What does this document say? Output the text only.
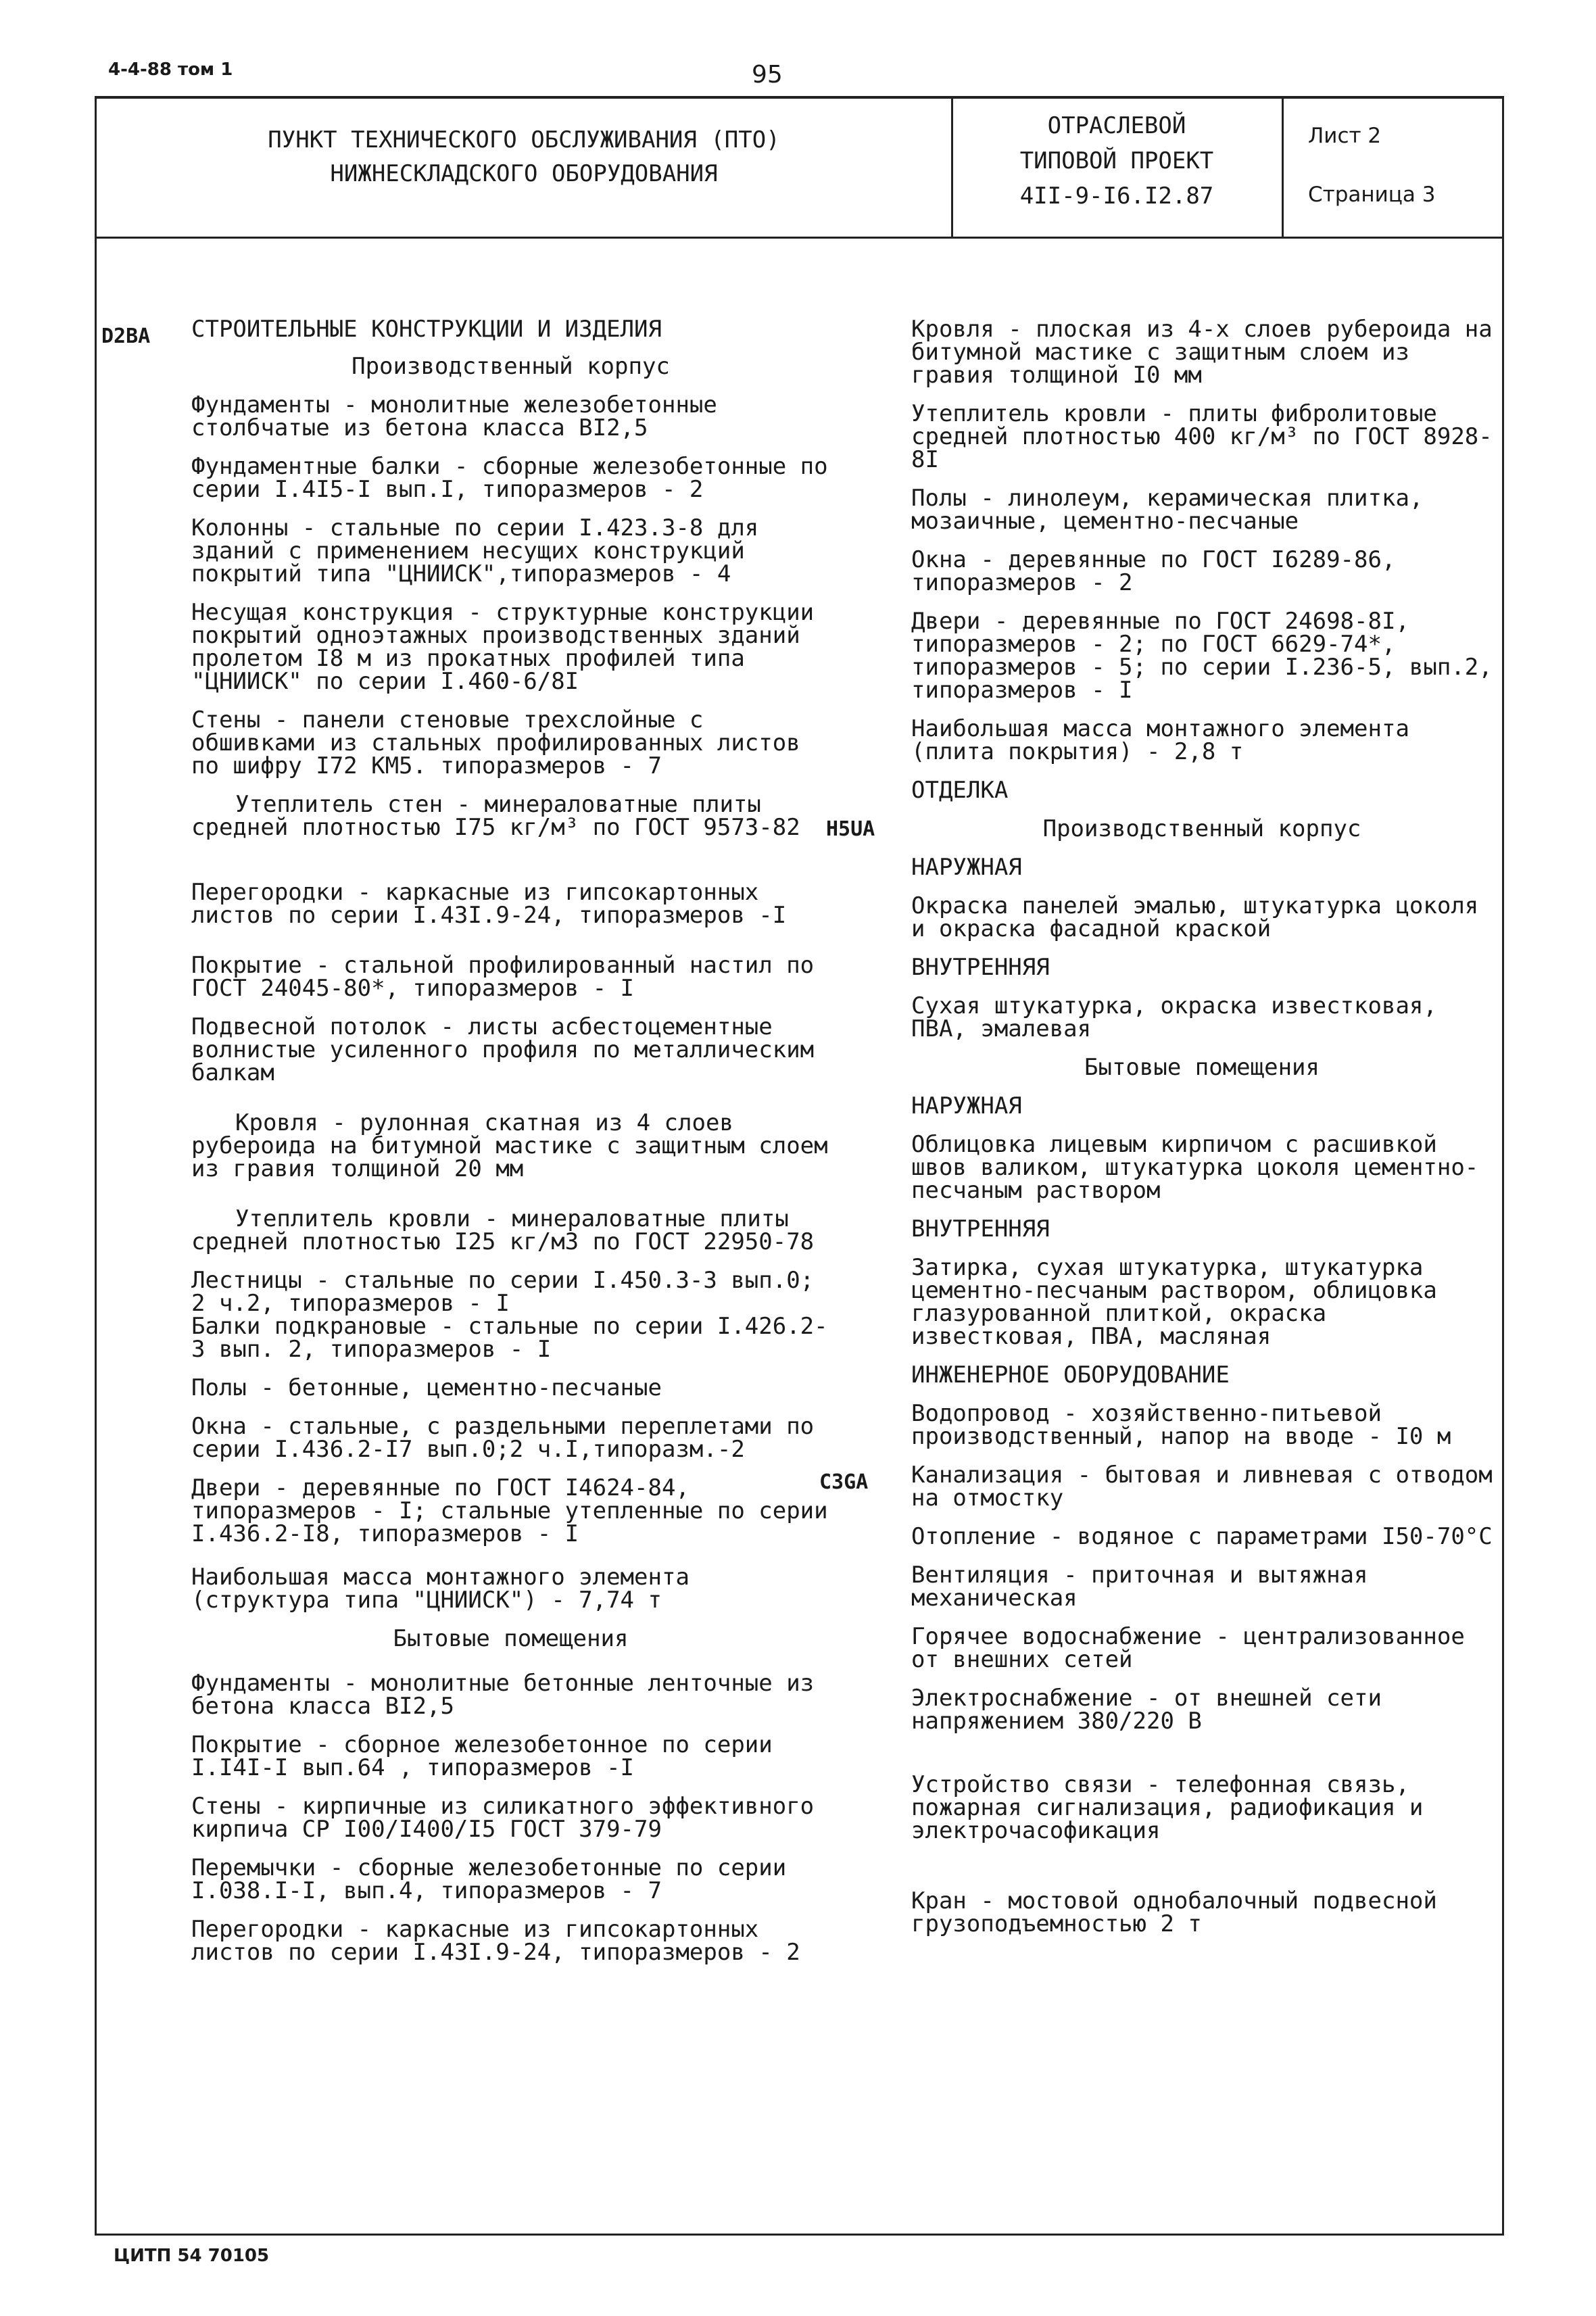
4-4-88 том 1	95
ПУНКТ ТЕХНИЧЕСКОГО ОБСЛУЖИВАНИЯ (ПТО)
НИЖНЕСКЛАДСКОГО ОБОРУДОВАНИЯ
ОТРАСЛЕВОЙ
ТИПОВОЙ ПРОЕКТ
4II-9-I6.I2.87
Лист 2
Страница 3
D2BA
H5UA
C3GA
СТРОИТЕЛЬНЫЕ КОНСТРУКЦИИ И ИЗДЕЛИЯ
Производственный корпус
Фундаменты - монолитные железобетонные столбчатые из бетона класса BI2,5
Фундаментные балки - сборные железобетонные по серии I.4I5-I вып.I, типоразмеров - 2
Колонны - стальные по серии I.423.3-8 для зданий с применением несущих конструкций покрытий типа "ЦНИИСК",типоразмеров - 4
Несущая конструкция - структурные конструкции покрытий одноэтажных производственных зданий пролетом I8 м из прокатных профилей типа "ЦНИИСК" по серии I.460-6/8I
Стены - панели стеновые трехслойные с обшивками из стальных профилированных листов по шифру I72 КМ5. типоразмеров - 7
Утеплитель стен - минераловатные плиты средней плотностью I75 кг/м³ по ГОСТ 9573-82
Перегородки - каркасные из гипсокартонных листов по серии I.43I.9-24, типоразмеров -I
Покрытие - стальной профилированный настил по ГОСТ 24045-80*, типоразмеров - I
Подвесной потолок - листы асбестоцементные волнистые усиленного профиля по металлическим балкам
Кровля - рулонная скатная из 4 слоев рубероида на битумной мастике с защитным слоем из гравия толщиной 20 мм
Утеплитель кровли - минераловатные плиты средней плотностью I25 кг/м3 по ГОСТ 22950-78
Лестницы - стальные по серии I.450.3-3 вып.0; 2 ч.2, типоразмеров - I
Балки подкрановые - стальные по серии I.426.2-3 вып. 2, типоразмеров - I
Полы - бетонные, цементно-песчаные
Окна - стальные, с раздельными переплетами по серии I.436.2-I7 вып.0;2 ч.I,типоразм.-2
Двери - деревянные по ГОСТ I4624-84, типоразмеров - I; стальные утепленные по серии I.436.2-I8, типоразмеров - I
Наибольшая масса монтажного элемента (структура типа "ЦНИИСК") - 7,74 т
Бытовые помещения
Фундаменты - монолитные бетонные ленточные из бетона класса BI2,5
Покрытие - сборное железобетонное по серии I.I4I-I вып.64 , типоразмеров -I
Стены - кирпичные из силикатного эффективного кирпича СР I00/I400/I5 ГОСТ 379-79
Перемычки - сборные железобетонные по серии I.038.I-I, вып.4, типоразмеров - 7
Перегородки - каркасные из гипсокартонных листов по серии I.43I.9-24, типоразмеров - 2
Кровля - плоская из 4-х слоев рубероида на битумной мастике с защитным слоем из гравия толщиной I0 мм
Утеплитель кровли - плиты фибролитовые средней плотностью 400 кг/м³ по ГОСТ 8928-8I
Полы - линолеум, керамическая плитка, мозаичные, цементно-песчаные
Окна - деревянные по ГОСТ I6289-86, типоразмеров - 2
Двери - деревянные по ГОСТ 24698-8I, типоразмеров - 2; по ГОСТ 6629-74*, типоразмеров - 5; по серии I.236-5, вып.2, типоразмеров - I
Наибольшая масса монтажного элемента (плита покрытия) - 2,8 т
ОТДЕЛКА
Производственный корпус
НАРУЖНАЯ
Окраска панелей эмалью, штукатурка цоколя и окраска фасадной краской
ВНУТРЕННЯЯ
Сухая штукатурка, окраска известковая, ПВА, эмалевая
Бытовые помещения
НАРУЖНАЯ
Облицовка лицевым кирпичом с расшивкой швов валиком, штукатурка цоколя цементно-песчаным раствором
ВНУТРЕННЯЯ
Затирка, сухая штукатурка, штукатурка цементно-песчаным раствором, облицовка глазурованной плиткой, окраска известковая, ПВА, масляная
ИНЖЕНЕРНОЕ ОБОРУДОВАНИЕ
Водопровод - хозяйственно-питьевой производственный, напор на вводе - I0 м
Канализация - бытовая и ливневая с отводом на отмостку
Отопление - водяное с параметрами I50-70°С
Вентиляция - приточная и вытяжная механическая
Горячее водоснабжение - централизованное от внешних сетей
Электроснабжение - от внешней сети напряжением 380/220 В
Устройство связи - телефонная связь, пожарная сигнализация, радиофикация и электрочасофикация
Кран - мостовой однобалочный подвесной грузоподъемностью 2 т
ЦИТП 54 70105
